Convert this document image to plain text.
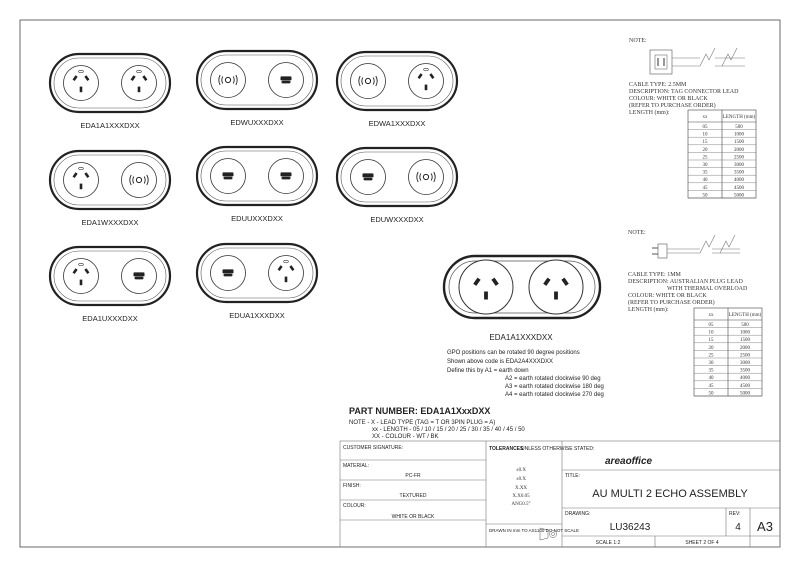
EDA1A1XXXDXX	EDWUXXXDXX	EDWA1XXXDXX
EDA1WXXXDXX	EDUUXXXDXX	EDUWXXXDXX
EDA1UXXXDXX	EDUA1XXXDXX
EDA1A1XXXDXX
GPO positions can be rotated 90 degree positions
Shown above code is EDA2A4XXXDXX
Define this by A1 = earth down
A2 = earth rotated clockwise 90 deg
A3 = earth rotated clockwise 180 deg
A4 = earth rotated clockwise 270 deg
NOTE:
CABLE TYPE: 2.5MM
DESCRIPTION: TAG CONNECTOR LEAD
COLOUR: WHITE OR BLACK
(REFER TO PURCHASE ORDER)
LENGTH (mm):
xx	LENGTH (mm)
05	500
10	1000
15	1500
20	2000
25	2500
30	3000
35	3500
40	4000
45	4500
50	5000
NOTE:
CABLE TYPE: 1MM
DESCRIPTION: AUSTRALIAN PLUG LEAD
WITH THERMAL OVERLOAD
COLOUR: WHITE OR BLACK
(REFER TO PURCHASE ORDER)
LENGTH (mm):
xx	LENGTH (mm)
05	500
10	1000
15	1500
20	2000
25	2500
30	3000
35	3500
40	4000
45	4500
50	5000
PART NUMBER: EDA1A1XxxDXX
NOTE - X - LEAD TYPE (TAG = T OR 3PIN PLUG = A)
xx - LENGTH - 05 / 10 / 15 / 20 / 25 / 30 / 35 / 40 / 45 / 50
XX - COLOUR - WT / BK
CUSTOMER SIGNATURE:
MATERIAL:
PC-FR
FINISH:
TEXTURED
COLOUR:
WHITE OR BLACK
TOLERANCES
UNLESS OTHERWISE STATED:
±0.X
±0.X
X.XX
X.X0.05
ANG0.5°
DRAWN IN mm TO AS1100 DO NOT SCALE
areaoffice
TITLE:
AU MULTI 2 ECHO ASSEMBLY
DRAWING:
LU36243
REV:
4 A3
SCALE 1:2	SHEET 2 OF 4
